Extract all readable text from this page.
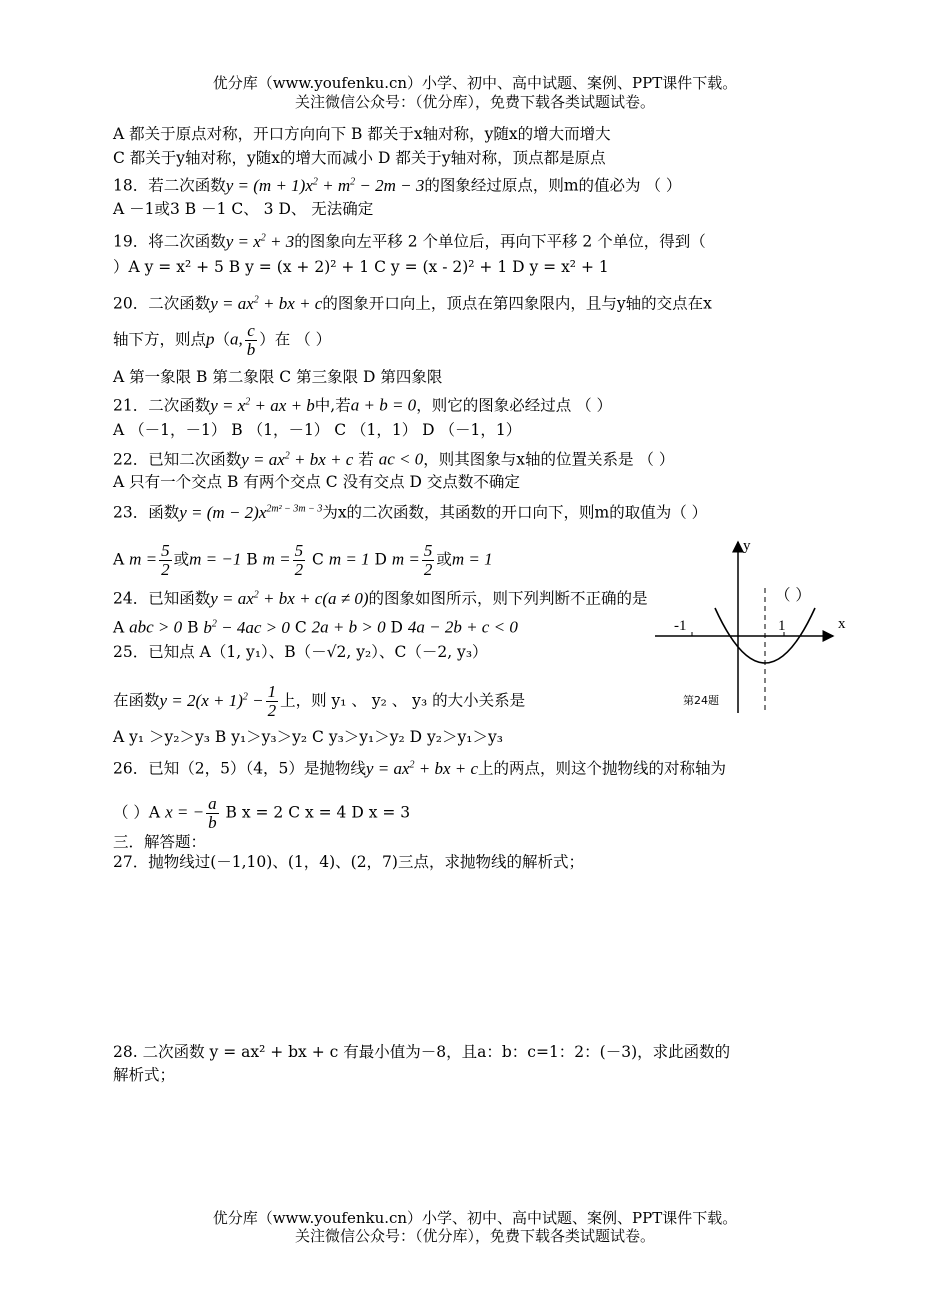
优分库（www.youfenku.cn）小学、初中、高中试题、案例、PPT课件下载。
关注微信公众号：（优分库），免费下载各类试题试卷。
A 都关于原点对称，开口方向向下 B 都关于x轴对称，y随x的增大而增大
C 都关于y轴对称，y随x的增大而减小 D 都关于y轴对称，顶点都是原点
18．若二次函数$y = (m + 1)x^2 + m^2 - 2m - 3$的图象经过原点，则m的值必为 （ ）
A －1或3 B －1 C、 3 D、 无法确定
19．将二次函数$y = x^2 + 3$的图象向左平移 2 个单位后，再向下平移 2 个单位，得到（
）A y = x² + 5 B y = (x + 2)² + 1 C y = (x - 2)² + 1 D y = x² + 1
20．二次函数$y = ax^2$ + bx + c的图象开口向上，顶点在第四象限内，且与y轴的交点在x
轴下方，则点p（a, $\frac{c}{b}$ ）在 （ ）
A 第一象限 B 第二象限 C 第三象限 D 第四象限
21．二次函数$y = x^2$ + ax + b中,若a + b = 0，则它的图象必经过点 （ ）
A （－1，－1） B （1，－1） C （1，1） D （－1，1）
22．已知二次函数$y = ax^2$ + bx + c 若 ac < 0，则其图象与x轴的位置关系是 （ ）
A 只有一个交点 B 有两个交点 C 没有交点 D 交点数不确定
23．函数$y = (m - 2)x^{2m^2 - 3m - 3}$为x的二次函数，其函数的开口向下，则m的取值为（ ）
A $m = \frac{5}{2}$ 或m = −1 B $m = \frac{5}{2}$ C m = 1 D $m = \frac{5}{2}$ 或m = 1
24．已知函数$y = ax^2$ + bx + c(a ≠ 0)的图象如图所示，则下列判断不正确的是	（ ）
A abc > 0 B $b^2 - 4ac > 0$ C 2a + b > 0 D 4a − 2b + c < 0
25．已知点 A（1, y₁）、B（－√2, y₂）、C（－2, y₃）
在函数$y = 2(x + 1)^2 - \frac{1}{2}$ 上，则 y₁ 、 y₂ 、 y₃ 的大小关系是
A y₁ ＞y₂＞y₃ B y₁＞y₃＞y₂ C y₃＞y₁＞y₂ D y₂＞y₁＞y₃
26．已知（2，5）（4，5）是抛物线$y = ax^2$ + bx + c上的两点，则这个抛物线的对称轴为
（ ）A x = − $\frac{a}{b}$ B x = 2 C x = 4 D x = 3
三．解答题：
27．抛物线过(－1,10)、(1，4)、(2，7)三点，求抛物线的解析式；
28. 二次函数 y = ax² + bx + c 有最小值为－8，且a：b：c=1：2：(－3)，求此函数的
解析式；
y
x
-1	1
第24题
优分库（www.youfenku.cn）小学、初中、高中试题、案例、PPT课件下载。
关注微信公众号：（优分库），免费下载各类试题试卷。
